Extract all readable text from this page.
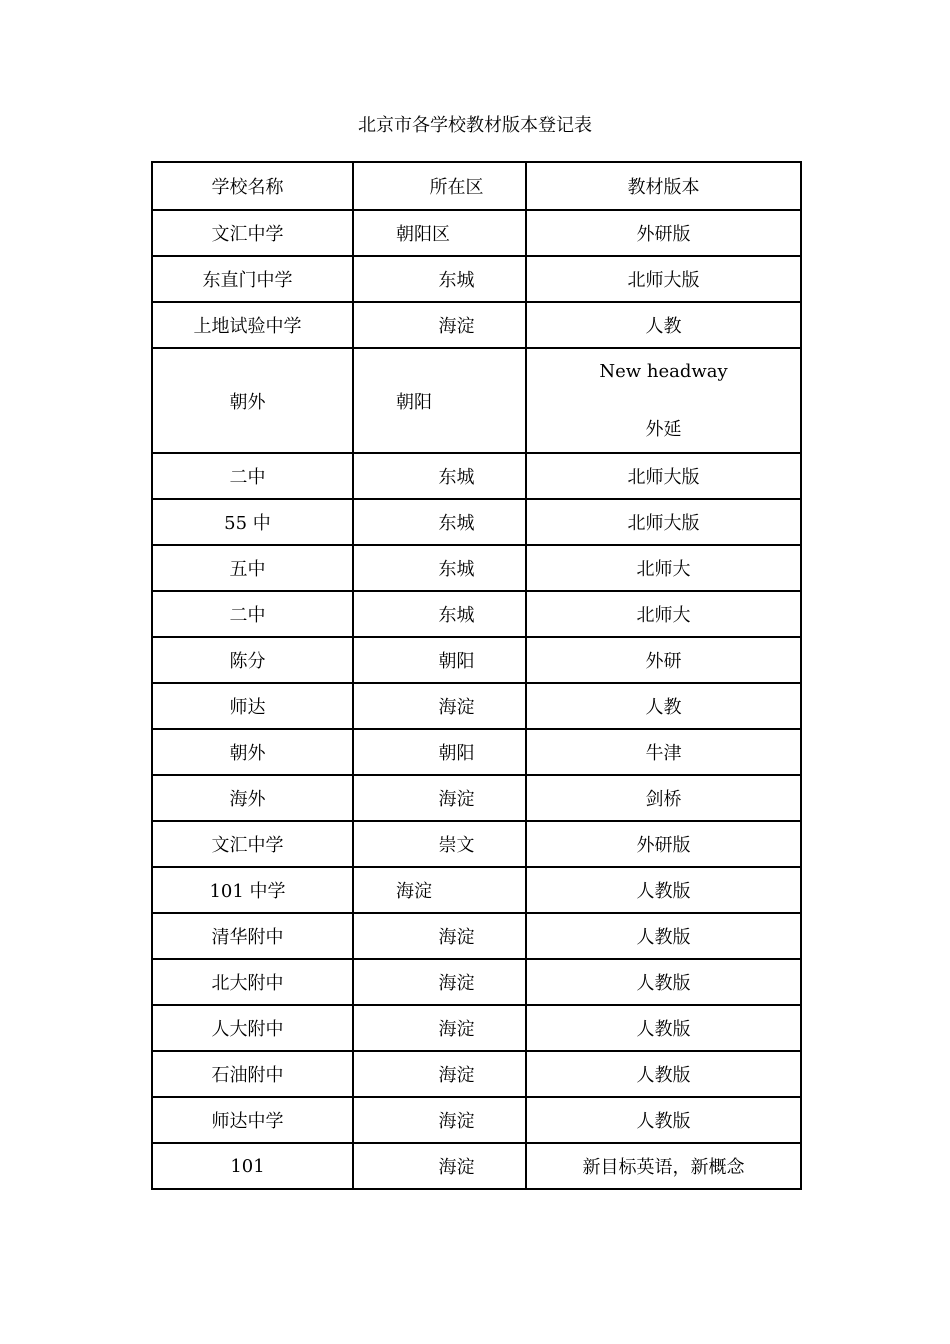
北京市各学校教材版本登记表
学校名称	所在区	教材版本
文汇中学	朝阳区	外研版
东直门中学	东城	北师大版
上地试验中学	海淀	人教
朝外	朝阳	New headway
外延

二中	东城	北师大版
55 中	东城	北师大版
五中	东城	北师大
二中	东城	北师大
陈分	朝阳	外研
师达	海淀	人教
朝外	朝阳	牛津
海外	海淀	剑桥
文汇中学	崇文	外研版
101 中学	海淀	人教版
清华附中	海淀	人教版
北大附中	海淀	人教版
人大附中	海淀	人教版
石油附中	海淀	人教版
师达中学	海淀	人教版
101	海淀	新目标英语，新概念
